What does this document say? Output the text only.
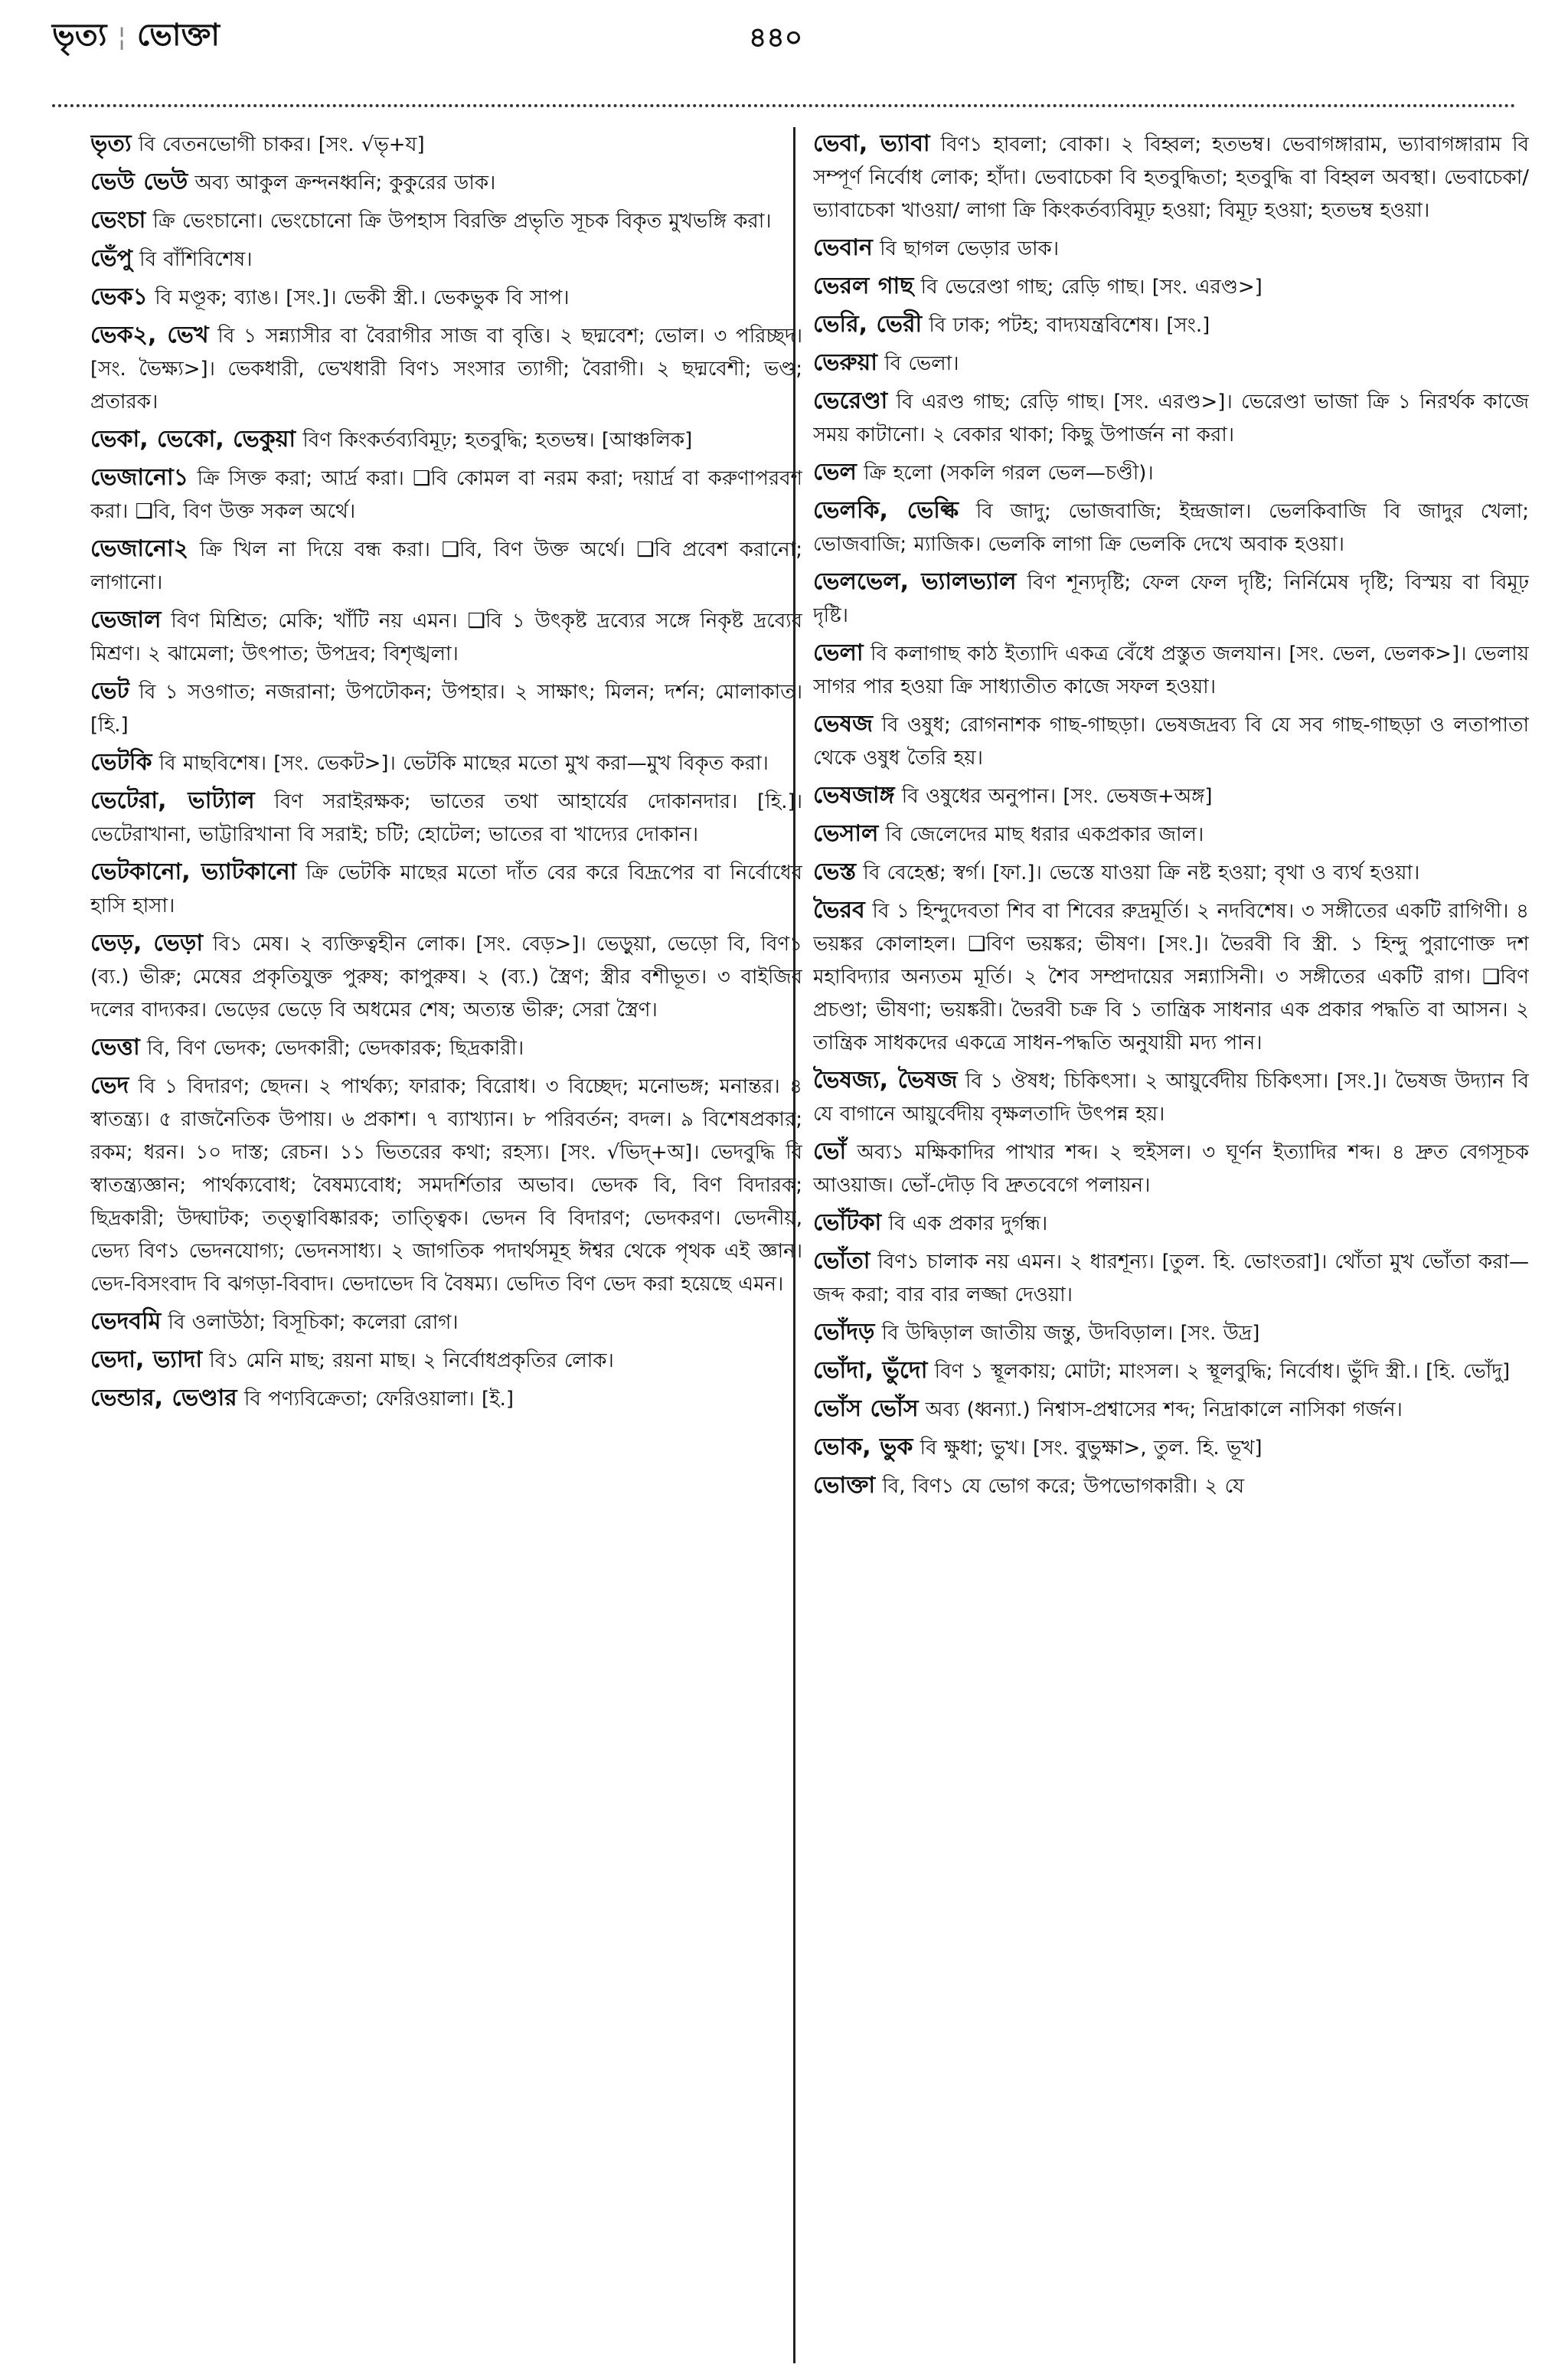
ভৃত্য ¦ ভোক্তা	৪৪০
ভৃত্য বি বেতনভোগী চাকর। [সং. √ভৃ+য]
ভেউ ভেউ অব্য আকুল ক্রন্দনধ্বনি; কুকুরের ডাক।
ভেংচা ক্রি ভেংচানো। ভেংচোনো ক্রি উপহাস বিরক্তি প্রভৃতি সূচক বিকৃত মুখভঙ্গি করা।
ভেঁপু বি বাঁশিবিশেষ।
ভেক১ বি মণ্ডূক; ব্যাঙ। [সং.]। ভেকী স্ত্রী.। ভেকভুক বি সাপ।
ভেক২, ভেখ বি ১ সন্ন্যাসীর বা বৈরাগীর সাজ বা বৃত্তি। ২ ছদ্মবেশ; ভোল। ৩ পরিচ্ছদ। [সং. ভৈক্ষ্য>]। ভেকধারী, ভেখধারী বিণ১ সংসার ত্যাগী; বৈরাগী। ২ ছদ্মবেশী; ভণ্ড; প্রতারক।
ভেকা, ভেকো, ভেকুয়া বিণ কিংকর্তব্যবিমূঢ়; হতবুদ্ধি; হতভম্ব। [আঞ্চলিক]
ভেজানো১ ক্রি সিক্ত করা; আর্দ্র করা। ❑বি কোমল বা নরম করা; দয়ার্দ্র বা করুণাপরবশ করা। ❑বি, বিণ উক্ত সকল অর্থে।
ভেজানো২ ক্রি খিল না দিয়ে বন্ধ করা। ❑বি, বিণ উক্ত অর্থে। ❑বি প্রবেশ করানো; লাগানো।
ভেজাল বিণ মিশ্রিত; মেকি; খাঁটি নয় এমন। ❑বি ১ উৎকৃষ্ট দ্রব্যের সঙ্গে নিকৃষ্ট দ্রব্যের মিশ্রণ। ২ ঝামেলা; উৎপাত; উপদ্রব; বিশৃঙ্খলা।
ভেট বি ১ সওগাত; নজরানা; উপঢৌকন; উপহার। ২ সাক্ষাৎ; মিলন; দর্শন; মোলাকাত। [হি.]
ভেটকি বি মাছবিশেষ। [সং. ভেকট>]। ভেটকি মাছের মতো মুখ করা—মুখ বিকৃত করা।
ভেটেরা, ভাট্যাল বিণ সরাইরক্ষক; ভাতের তথা আহার্যের দোকানদার। [হি.]। ভেটেরাখানা, ভাট্টারিখানা বি সরাই; চটি; হোটেল; ভাতের বা খাদ্যের দোকান।
ভেটকানো, ভ্যাটকানো ক্রি ভেটকি মাছের মতো দাঁত বের করে বিদ্রূপের বা নির্বোধের হাসি হাসা।
ভেড়, ভেড়া বি১ মেষ। ২ ব্যক্তিত্বহীন লোক। [সং. বেড়>]। ভেড়ুয়া, ভেড়ো বি, বিণ১ (ব্য.) ভীরু; মেষের প্রকৃতিযুক্ত পুরুষ; কাপুরুষ। ২ (ব্য.) স্ত্রৈণ; স্ত্রীর বশীভূত। ৩ বাইজির দলের বাদ্যকর। ভেড়ের ভেড়ে বি অধমের শেষ; অত্যন্ত ভীরু; সেরা স্ত্রৈণ।
ভেত্তা বি, বিণ ভেদক; ভেদকারী; ভেদকারক; ছিদ্রকারী।
ভেদ বি ১ বিদারণ; ছেদন। ২ পার্থক্য; ফারাক; বিরোধ। ৩ বিচ্ছেদ; মনোভঙ্গ; মনান্তর। ৪ স্বাতন্ত্র্য। ৫ রাজনৈতিক উপায়। ৬ প্রকাশ। ৭ ব্যাখ্যান। ৮ পরিবর্তন; বদল। ৯ বিশেষপ্রকার; রকম; ধরন। ১০ দাস্ত; রেচন। ১১ ভিতরের কথা; রহস্য। [সং. √ভিদ্+অ]। ভেদবুদ্ধি বি স্বাতন্ত্র্যজ্ঞান; পার্থক্যবোধ; বৈষম্যবোধ; সমদর্শিতার অভাব। ভেদক বি, বিণ বিদারক; ছিদ্রকারী; উদ্ঘাটক; তত্ত্বাবিষ্কারক; তাত্ত্বিক। ভেদন বি বিদারণ; ভেদকরণ। ভেদনীয়, ভেদ্য বিণ১ ভেদনযোগ্য; ভেদনসাধ্য। ২ জাগতিক পদার্থসমূহ ঈশ্বর থেকে পৃথক এই জ্ঞান। ভেদ-বিসংবাদ বি ঝগড়া-বিবাদ। ভেদাভেদ বি বৈষম্য। ভেদিত বিণ ভেদ করা হয়েছে এমন।
ভেদবমি বি ওলাউঠা; বিসূচিকা; কলেরা রোগ।
ভেদা, ভ্যাদা বি১ মেনি মাছ; রয়না মাছ। ২ নির্বোধপ্রকৃতির লোক।
ভেন্ডার, ভেণ্ডার বি পণ্যবিক্রেতা; ফেরিওয়ালা। [ই.]
ভেবা, ভ্যাবা বিণ১ হাবলা; বোকা। ২ বিহ্বল; হতভম্ব। ভেবাগঙ্গারাম, ভ্যাবাগঙ্গারাম বি সম্পূর্ণ নির্বোধ লোক; হাঁদা। ভেবাচেকা বি হতবুদ্ধিতা; হতবুদ্ধি বা বিহ্বল অবস্থা। ভেবাচেকা/ ভ্যাবাচেকা খাওয়া/ লাগা ক্রি কিংকর্তব্যবিমূঢ় হওয়া; বিমূঢ় হওয়া; হতভম্ব হওয়া।
ভেবান বি ছাগল ভেড়ার ডাক।
ভেরল গাছ বি ভেরেণ্ডা গাছ; রেড়ি গাছ। [সং. এরণ্ড>]
ভেরি, ভেরী বি ঢাক; পটহ; বাদ্যযন্ত্রবিশেষ। [সং.]
ভেরুয়া বি ভেলা।
ভেরেণ্ডা বি এরণ্ড গাছ; রেড়ি গাছ। [সং. এরণ্ড>]। ভেরেণ্ডা ভাজা ক্রি ১ নিরর্থক কাজে সময় কাটানো। ২ বেকার থাকা; কিছু উপার্জন না করা।
ভেল ক্রি হলো (সকলি গরল ভেল—চণ্ডী)।
ভেলকি, ভেল্কি বি জাদু; ভোজবাজি; ইন্দ্রজাল। ভেলকিবাজি বি জাদুর খেলা; ভোজবাজি; ম্যাজিক। ভেলকি লাগা ক্রি ভেলকি দেখে অবাক হওয়া।
ভেলভেল, ভ্যালভ্যাল বিণ শূন্যদৃষ্টি; ফেল ফেল দৃষ্টি; নির্নিমেষ দৃষ্টি; বিস্ময় বা বিমূঢ় দৃষ্টি।
ভেলা বি কলাগাছ কাঠ ইত্যাদি একত্র বেঁধে প্রস্তুত জলযান। [সং. ভেল, ভেলক>]। ভেলায় সাগর পার হওয়া ক্রি সাধ্যাতীত কাজে সফল হওয়া।
ভেষজ বি ওষুধ; রোগনাশক গাছ-গাছড়া। ভেষজদ্রব্য বি যে সব গাছ-গাছড়া ও লতাপাতা থেকে ওষুধ তৈরি হয়।
ভেষজাঙ্গ বি ওষুধের অনুপান। [সং. ভেষজ+অঙ্গ]
ভেসাল বি জেলেদের মাছ ধরার একপ্রকার জাল।
ভেস্ত বি বেহেশ্ত; স্বর্গ। [ফা.]। ভেস্তে যাওয়া ক্রি নষ্ট হওয়া; বৃথা ও ব্যর্থ হওয়া।
ভৈরব বি ১ হিন্দুদেবতা শিব বা শিবের রুদ্রমূর্তি। ২ নদবিশেষ। ৩ সঙ্গীতের একটি রাগিণী। ৪ ভয়ঙ্কর কোলাহল। ❑বিণ ভয়ঙ্কর; ভীষণ। [সং.]। ভৈরবী বি স্ত্রী. ১ হিন্দু পুরাণোক্ত দশ মহাবিদ্যার অন্যতম মূর্তি। ২ শৈব সম্প্রদায়ের সন্ন্যাসিনী। ৩ সঙ্গীতের একটি রাগ। ❑বিণ প্রচণ্ডা; ভীষণা; ভয়ঙ্করী। ভৈরবী চক্র বি ১ তান্ত্রিক সাধনার এক প্রকার পদ্ধতি বা আসন। ২ তান্ত্রিক সাধকদের একত্রে সাধন-পদ্ধতি অনুযায়ী মদ্য পান।
ভৈষজ্য, ভৈষজ বি ১ ঔষধ; চিকিৎসা। ২ আয়ুর্বেদীয় চিকিৎসা। [সং.]। ভৈষজ উদ্যান বি যে বাগানে আয়ুর্বেদীয় বৃক্ষলতাদি উৎপন্ন হয়।
ভোঁ অব্য১ মক্ষিকাদির পাখার শব্দ। ২ হুইসল। ৩ ঘূর্ণন ইত্যাদির শব্দ। ৪ দ্রুত বেগসূচক আওয়াজ। ভোঁ-দৌড় বি দ্রুতবেগে পলায়ন।
ভোঁটকা বি এক প্রকার দুর্গন্ধ।
ভোঁতা বিণ১ চালাক নয় এমন। ২ ধারশূন্য। [তুল. হি. ভোংতরা]। থোঁতা মুখ ভোঁতা করা—জব্দ করা; বার বার লজ্জা দেওয়া।
ভোঁদড় বি উদ্বিড়াল জাতীয় জন্তু, উদবিড়াল। [সং. উদ্র]
ভোঁদা, ভুঁদো বিণ ১ স্থূলকায়; মোটা; মাংসল। ২ স্থূলবুদ্ধি; নির্বোধ। ভুঁদি স্ত্রী.। [হি. ভোঁদু]
ভোঁস ভোঁস অব্য (ধ্বন্যা.) নিশ্বাস-প্রশ্বাসের শব্দ; নিদ্রাকালে নাসিকা গর্জন।
ভোক, ভুক বি ক্ষুধা; ভুখ। [সং. বুভুক্ষা>, তুল. হি. ভূখ]
ভোক্তা বি, বিণ১ যে ভোগ করে; উপভোগকারী। ২ যে
